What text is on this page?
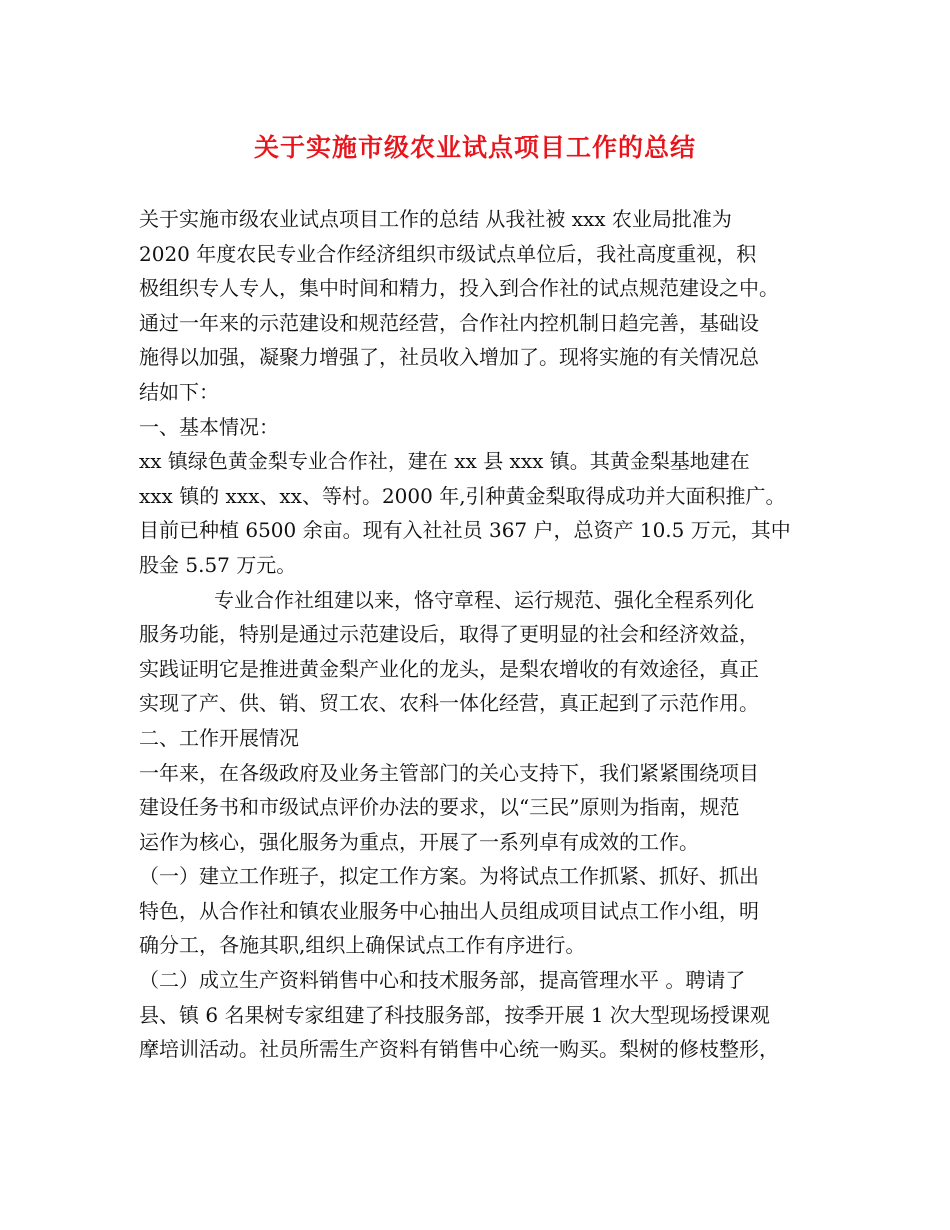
关于实施市级农业试点项目工作的总结
关于实施市级农业试点项目工作的总结 从我社被 xxx 农业局批准为
2020 年度农民专业合作经济组织市级试点单位后，我社高度重视，积
极组织专人专人，集中时间和精力，投入到合作社的试点规范建设之中。
通过一年来的示范建设和规范经营，合作社内控机制日趋完善，基础设
施得以加强，凝聚力增强了，社员收入增加了。现将实施的有关情况总
结如下：
一、基本情况：
xx 镇绿色黄金梨专业合作社，建在 xx 县 xxx 镇。其黄金梨基地建在
xxx 镇的 xxx、xx、等村。2000 年,引种黄金梨取得成功并大面积推广。
目前已种植 6500 余亩。现有入社社员 367 户，总资产 10.5 万元，其中
股金 5.57 万元。
专业合作社组建以来，恪守章程、运行规范、强化全程系列化
服务功能，特别是通过示范建设后，取得了更明显的社会和经济效益，
实践证明它是推进黄金梨产业化的龙头，是梨农增收的有效途径，真正
实现了产、供、销、贸工农、农科一体化经营，真正起到了示范作用。
二、工作开展情况
一年来，在各级政府及业务主管部门的关心支持下，我们紧紧围绕项目
建设任务书和市级试点评价办法的要求，以“三民”原则为指南，规范
运作为核心，强化服务为重点，开展了一系列卓有成效的工作。
（一）建立工作班子，拟定工作方案。为将试点工作抓紧、抓好、抓出
特色，从合作社和镇农业服务中心抽出人员组成项目试点工作小组，明
确分工，各施其职,组织上确保试点工作有序进行。
（二）成立生产资料销售中心和技术服务部，提高管理水平 。聘请了
县、镇 6 名果树专家组建了科技服务部，按季开展 1 次大型现场授课观
摩培训活动。社员所需生产资料有销售中心统一购买。梨树的修枝整形，
